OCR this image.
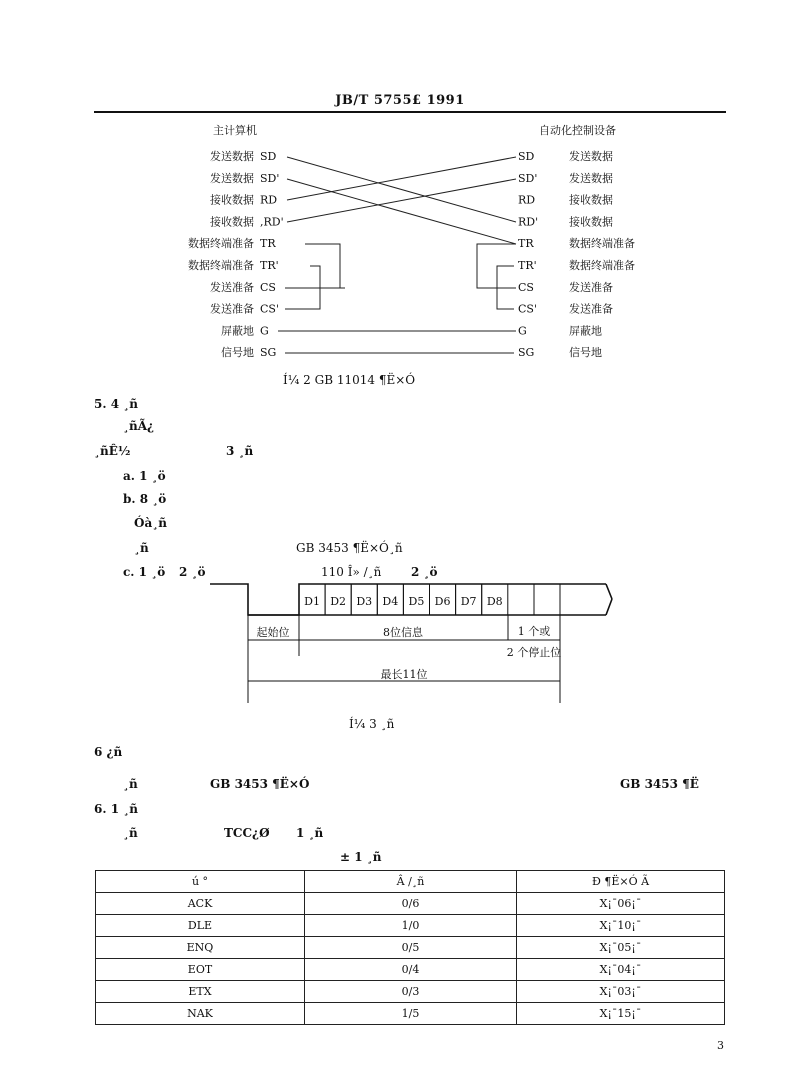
JB/T 5755£ 1991
主计算机	自动化控制设备
发送数据 SD
发送数据 SD'
接收数据 RD
接收数据 ,RD'
数据终端准备 TR
数据终端准备 TR'
发送准备 CS
发送准备 CS'
屏蔽地 G
信号地 SG
SD	发送数据
SD'	发送数据
RD	接收数据
RD'	接收数据
TR	数据终端准备
TR'	数据终端准备
CS	发送准备
CS'	发送准备
G	屏蔽地
SG	信号地
Í¼ 2 GB 11014 ¶Ë×Ó
5. 4 ¸ñ
¸ñÃ¿
¸ñÊ½	3 ¸ñ
a. 1 ¸ö
b. 8 ¸ö
Óà¸ñ
¸ñ	GB 3453 ¶Ë×Ó¸ñ
c. 1 ¸ö 2 ¸ö	110 Î» /¸ñ 2 ¸ö
D1 D2 D3 D4 D5 D6 D7 D8
起始位	8位信息	1 个或
2 个停止位
最长11位
Í¼ 3 ¸ñ
6 ¿ñ
¸ñ	GB 3453 ¶Ë×Ó	GB 3453 ¶Ë
6. 1 ¸ñ
¸ñ	TCC¿Ø 1 ¸ñ
± 1 ¸ñ
ú °	Â /¸ñ	Ð ¶Ë×Ó Ã
ACK	0/6	X¡¯06¡¯
DLE	1/0	X¡¯10¡¯
ENQ	0/5	X¡¯05¡¯
EOT	0/4	X¡¯04¡¯
ETX	0/3	X¡¯03¡¯
NAK	1/5	X¡¯15¡¯
3
